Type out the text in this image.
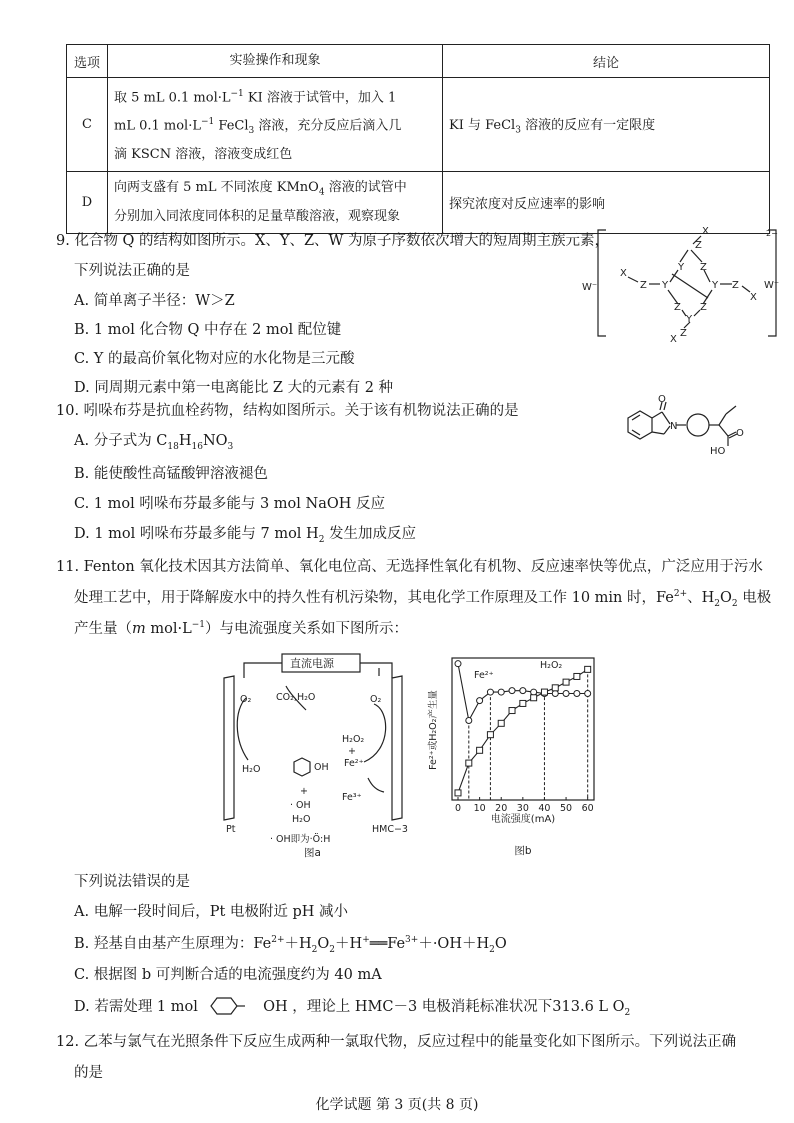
选项	实验操作和现象	结论
C	取 5 mL 0.1 $mol\cdot L^{-1}$ KI 溶液于试管中，加入 1
mL 0.1 $mol\cdot L^{-1}$ FeCl$_3$ 溶液，充分反应后滴入几
滴 KSCN 溶液，溶液变成红色	KI 与 FeCl$_3$ 溶液的反应有一定限度
D	向两支盛有 5 mL 不同浓度 KMnO$_4$ 溶液的试管中
分别加入同浓度同体积的足量草酸溶液，观察现象	探究浓度对反应速率的影响
9. 化合物 Q 的结构如图所示。X、Y、Z、W 为原子序数依次增大的短周期主族元素，
下列说法正确的是
A. 简单离子半径：W＞Z
B. 1 mol 化合物 Q 中存在 2 mol 配位键
C. Y 的最高价氧化物对应的水化物是三元酸
D. 同周期元素中第一电离能比 Z 大的元素有 2 种
Z
X
Y Z
Y	Y
Z
X
Z
X
Z Z
Y
Z
X
W⁻	W⁻
2−
10. 吲哚布芬是抗血栓药物，结构如图所示。关于该有机物说法正确的是
A. 分子式为 $C_{18}H_{16}NO_3$
B. 能使酸性高锰酸钾溶液褪色
C. 1 mol 吲哚布芬最多能与 3 mol NaOH 反应
D. 1 mol 吲哚布芬最多能与 7 mol $H_2$ 发生加成反应
O
N
O
HO
11. Fenton 氧化技术因其方法简单、氧化电位高、无选择性氧化有机物、反应速率快等优点，广泛应用于污水
处理工艺中，用于降解废水中的持久性有机污染物，其电化学工作原理及工作 10 min 时，$Fe^{2+}$、$H_2O_2$ 电极
产生量（m $mol\cdot L^{-1}$）与电流强度关系如下图所示：
直流电源
O₂
H₂O
CO₂,H₂O
OH
+
· OH
H₂O
O₂
H₂O₂
+
Fe²⁺
Fe³⁺
Pt	HMC−3
· OH即为·Ö:H
图a
0 10 20 30 40 50 60
Fe²⁺或H₂O₂产生量
电流强度(mA)
图b
Fe²⁺
H₂O₂
下列说法错误的是
A. 电解一段时间后，Pt 电极附近 pH 减小
B. 羟基自由基产生原理为：$Fe^{2+}+H_2O_2+H^+══Fe^{3+}+\cdot OH+H_2O$
C. 根据图 b 可判断合适的电流强度约为 40 mA
D. 若需处理 1 mol	OH ，理论上 HMC－3 电极消耗标准状况下313.6 L $O_2$
12. 乙苯与氯气在光照条件下反应生成两种一氯取代物，反应过程中的能量变化如下图所示。下列说法正确
的是
化学试题 第 3 页(共 8 页)
